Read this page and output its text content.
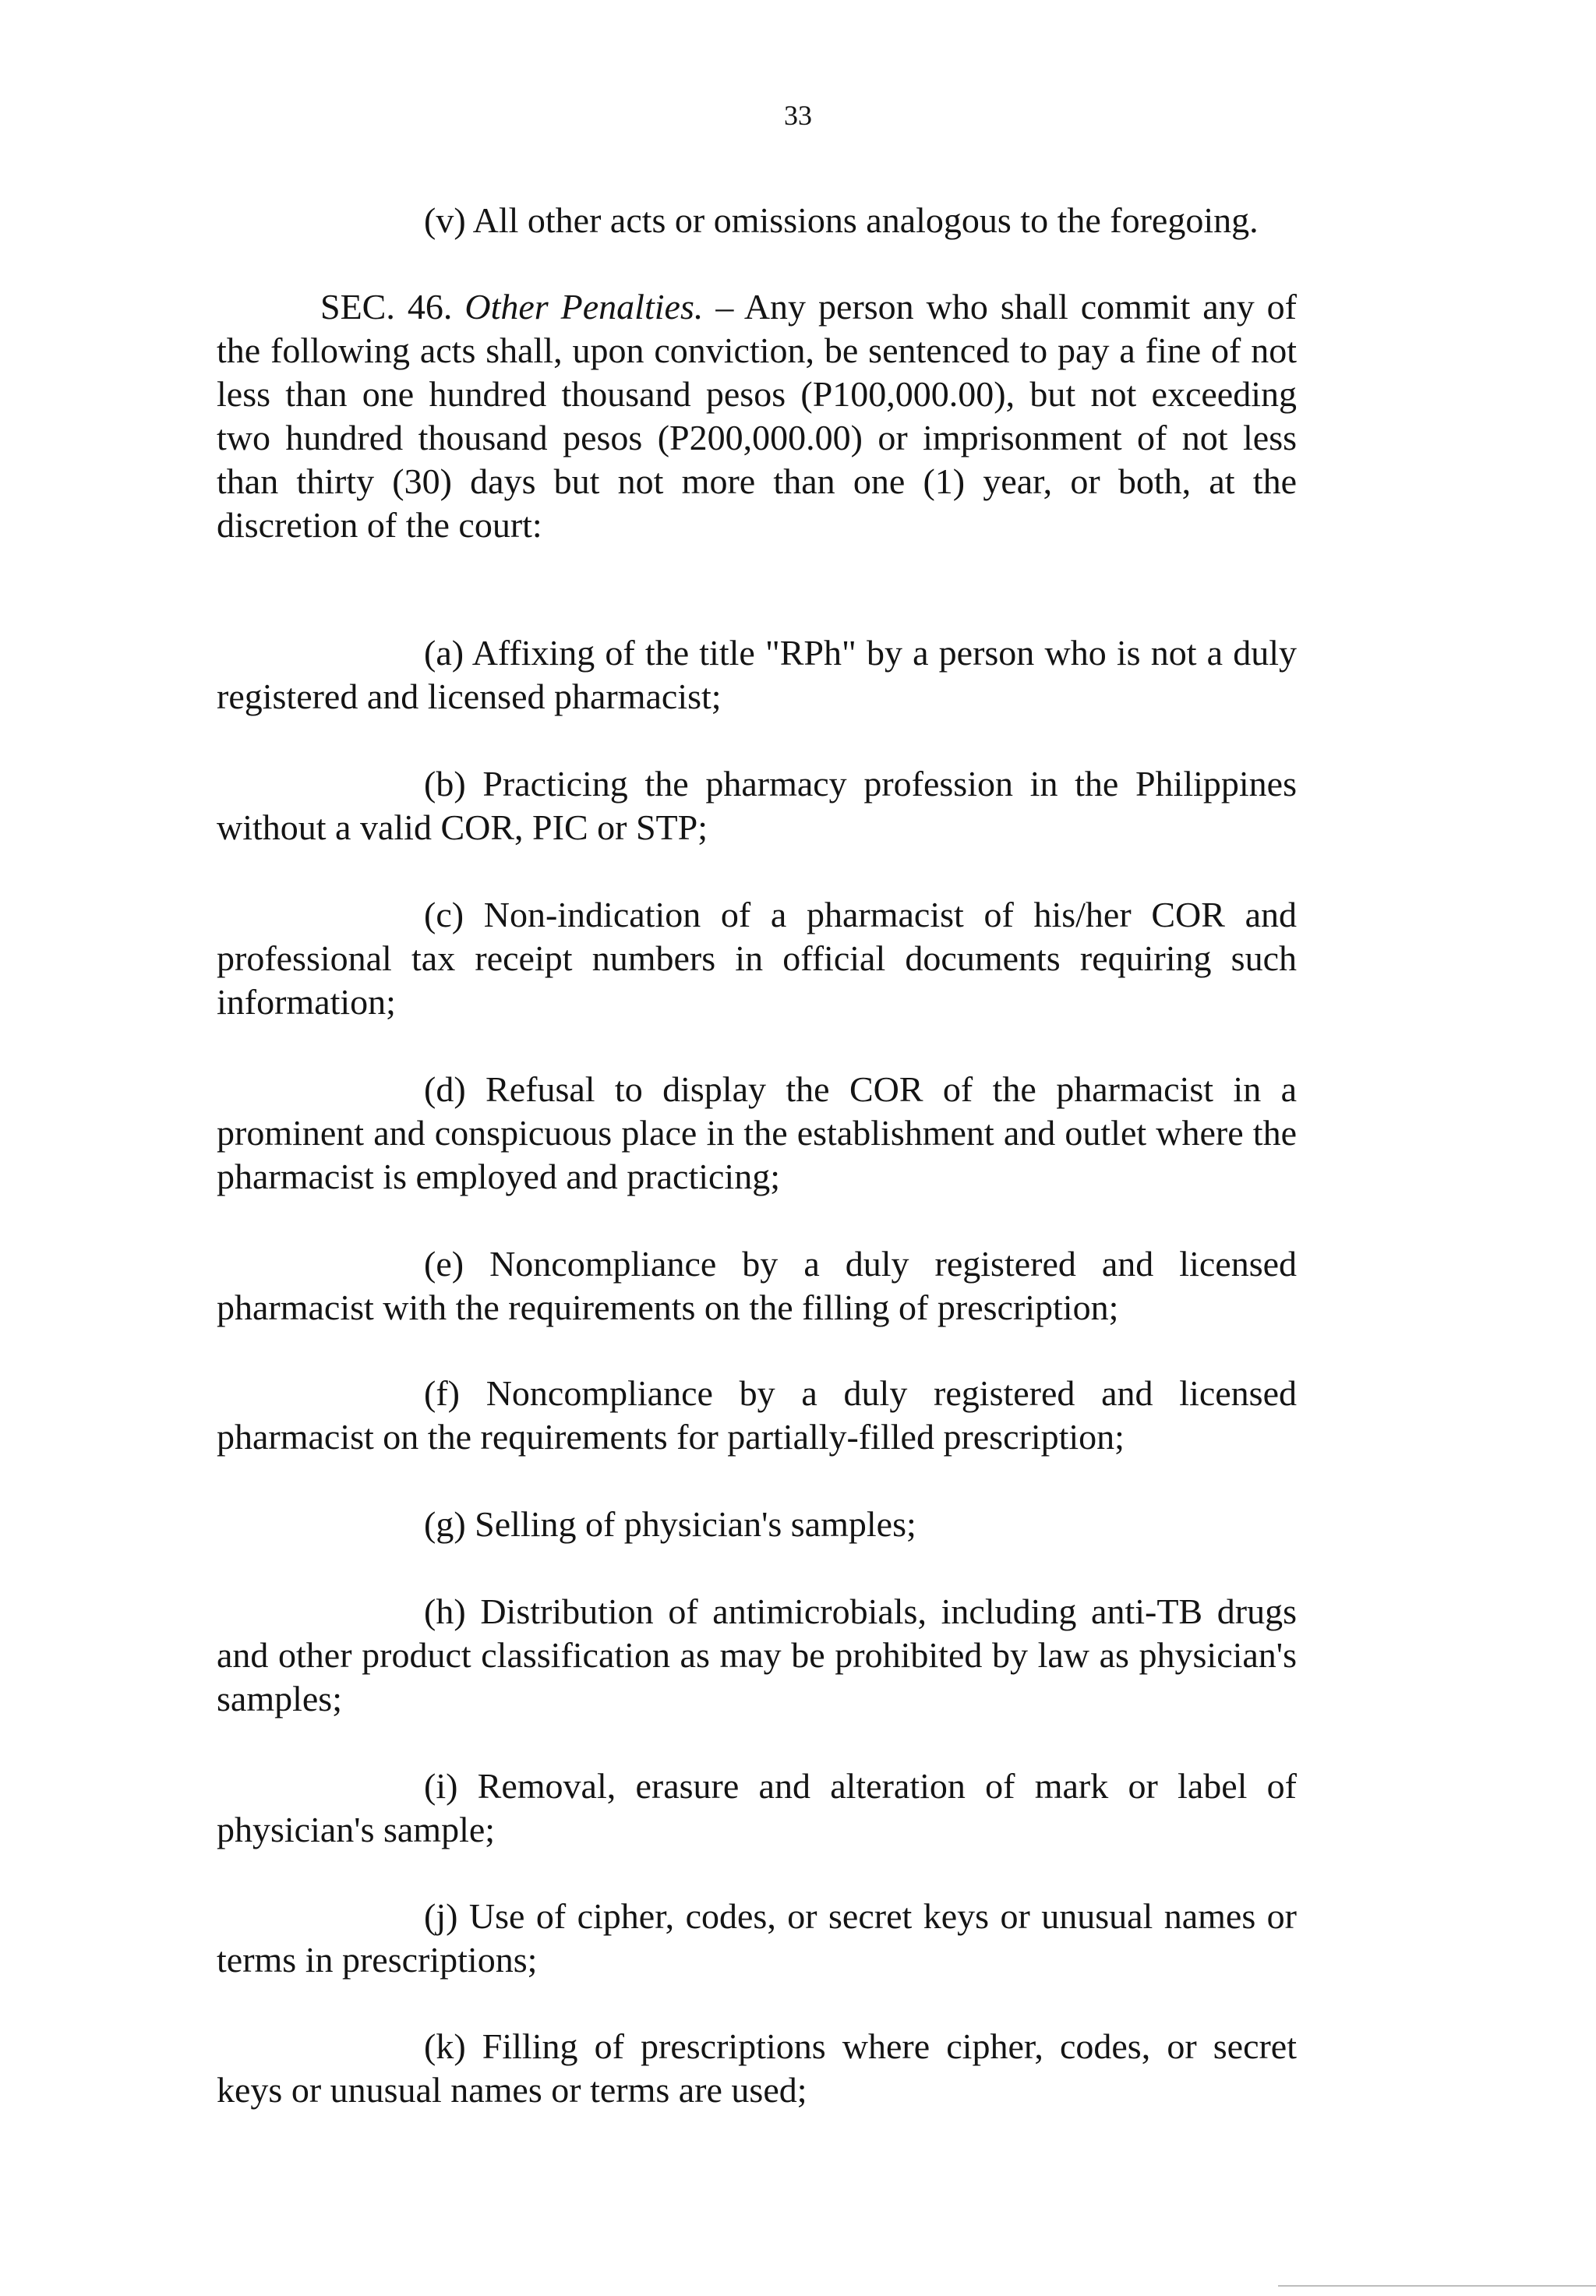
33

(v) All other acts or omissions analogous to the foregoing.

SEC. 46. Other Penalties. – Any person who shall commit any of the following acts shall, upon conviction, be sentenced to pay a fine of not less than one hundred thousand pesos (P100,000.00), but not exceeding two hundred thousand pesos (P200,000.00) or imprisonment of not less than thirty (30) days but not more than one (1) year, or both, at the discretion of the court:

(a) Affixing of the title "RPh" by a person who is not a duly registered and licensed pharmacist;

(b) Practicing the pharmacy profession in the Philippines without a valid COR, PIC or STP;

(c) Non-indication of a pharmacist of his/her COR and professional tax receipt numbers in official documents requiring such information;

(d) Refusal to display the COR of the pharmacist in a prominent and conspicuous place in the establishment and outlet where the pharmacist is employed and practicing;

(e) Noncompliance by a duly registered and licensed pharmacist with the requirements on the filling of prescription;

(f) Noncompliance by a duly registered and licensed pharmacist on the requirements for partially-filled prescription;

(g) Selling of physician's samples;

(h) Distribution of antimicrobials, including anti-TB drugs and other product classification as may be prohibited by law as physician's samples;

(i) Removal, erasure and alteration of mark or label of physician's sample;

(j) Use of cipher, codes, or secret keys or unusual names or terms in prescriptions;

(k) Filling of prescriptions where cipher, codes, or secret keys or unusual names or terms are used;
